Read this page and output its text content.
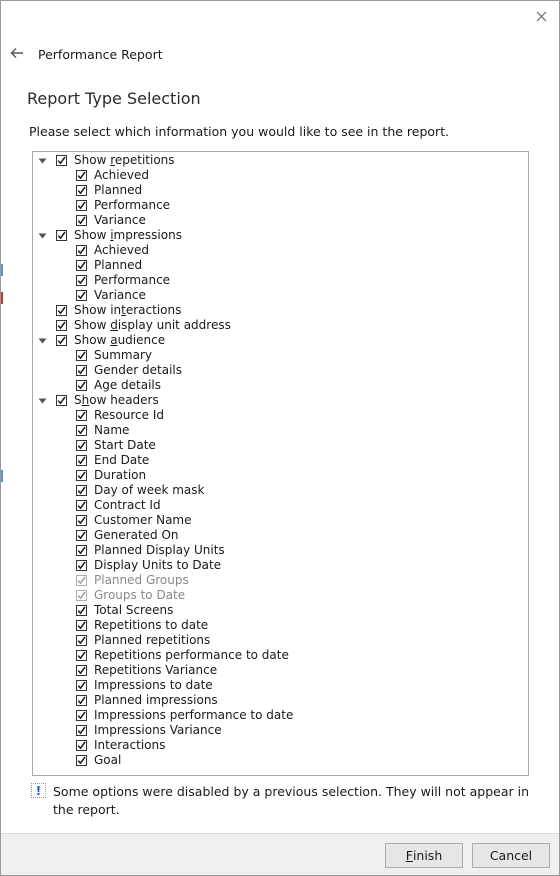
Performance Report
Report Type Selection
Please select which information you would like to see in the report.
Show repetitions
Achieved
Planned
Performance
Variance
Show impressions
Achieved
Planned
Performance
Variance
Show interactions
Show display unit address
Show audience
Summary
Gender details
Age details
Show headers
Resource Id
Name
Start Date
End Date
Duration
Day of week mask
Contract Id
Customer Name
Generated On
Planned Display Units
Display Units to Date
Planned Groups
Groups to Date
Total Screens
Repetitions to date
Planned repetitions
Repetitions performance to date
Repetitions Variance
Impressions to date
Planned impressions
Impressions performance to date
Impressions Variance
Interactions
Goal
! Some options were disabled by a previous selection. They will not appear in the report.
F inish	Cancel
